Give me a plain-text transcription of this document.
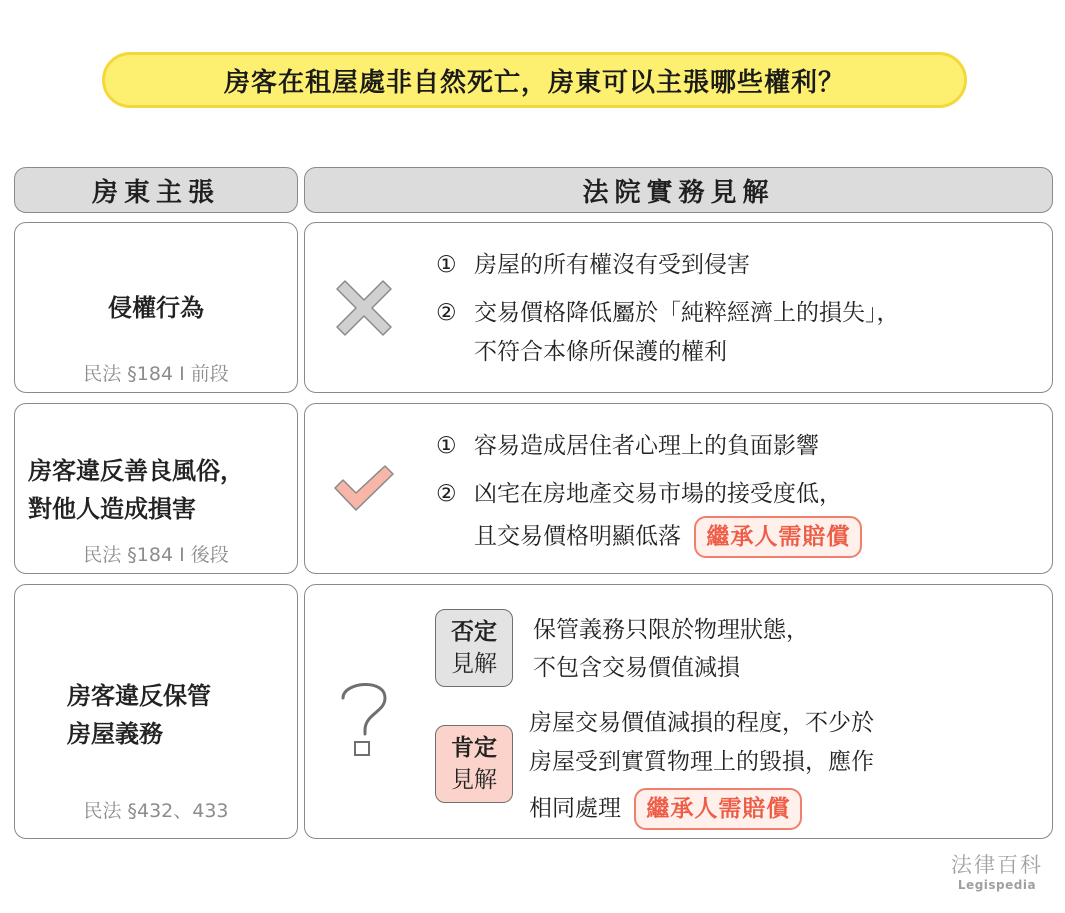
房客在租屋處非自然死亡，房東可以主張哪些權利？
房東主張	法院實務見解
侵權行為
民法 §184 I 前段
① 房屋的所有權沒有受到侵害
② 交易價格降低屬於「純粹經濟上的損失」，
不符合本條所保護的權利
房客違反善良風俗，
對他人造成損害
民法 §184 I 後段
① 容易造成居住者心理上的負面影響
② 凶宅在房地產交易市場的接受度低，
且交易價格明顯低落 繼承人需賠償
房客違反保管
房屋義務
民法 §432、433
否定
見解
保管義務只限於物理狀態，
不包含交易價值減損
肯定
見解
房屋交易價值減損的程度，不少於
房屋受到實質物理上的毀損，應作
相同處理 繼承人需賠償
法律百科
Legispedia
